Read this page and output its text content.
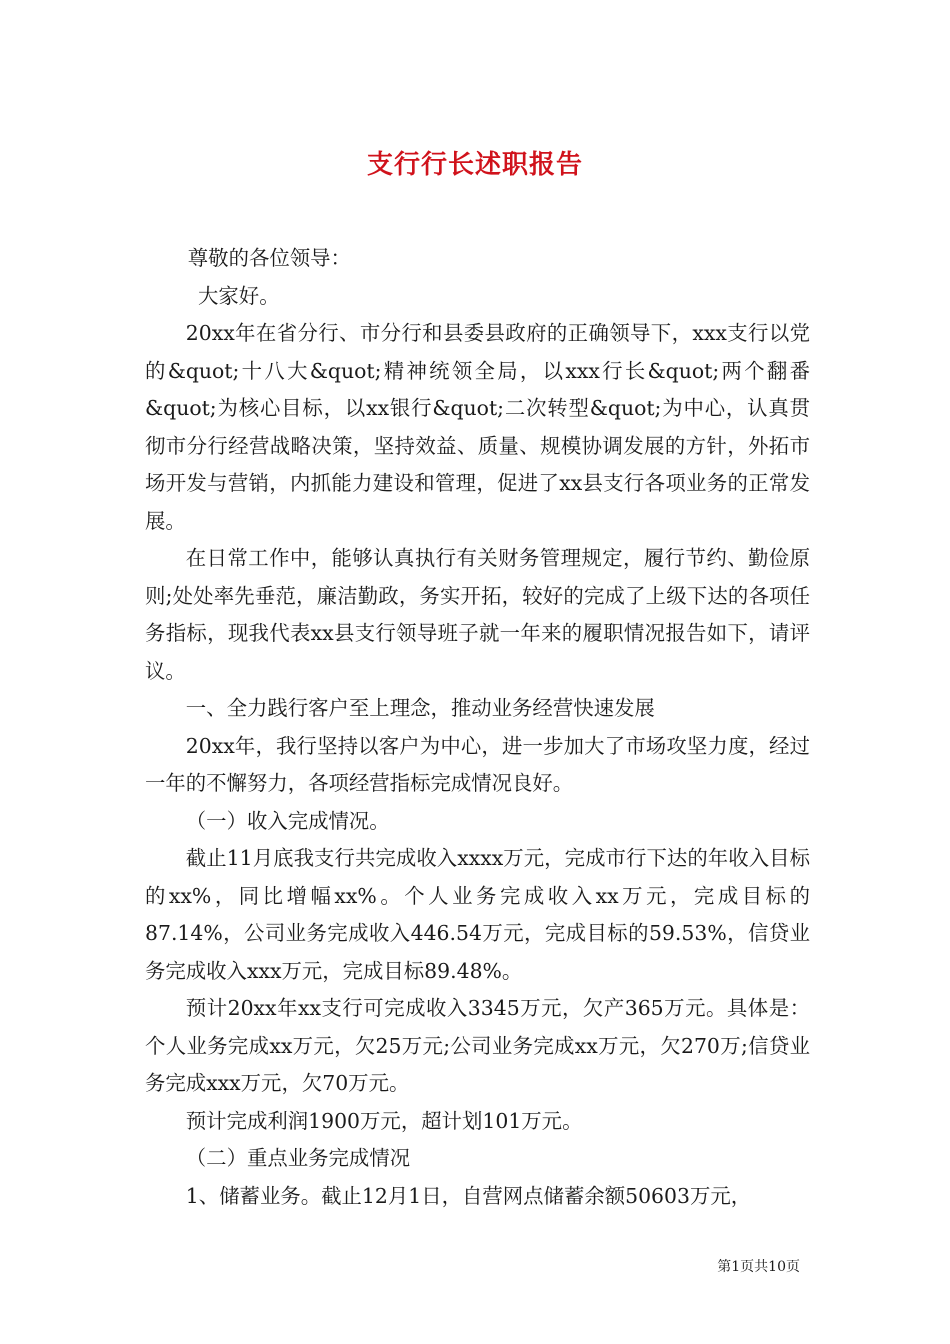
支行行长述职报告

尊敬的各位领导：

大家好。

20xx年在省分行、市分行和县委县政府的正确领导下，xxx支行以党的&quot;十八大&quot;精神统领全局，以xxx行长&quot;两个翻番&quot;为核心目标，以xx银行&quot;二次转型&quot;为中心，认真贯彻市分行经营战略决策，坚持效益、质量、规模协调发展的方针，外拓市场开发与营销，内抓能力建设和管理，促进了xx县支行各项业务的正常发展。

在日常工作中，能够认真执行有关财务管理规定，履行节约、勤俭原则;处处率先垂范，廉洁勤政，务实开拓，较好的完成了上级下达的各项任务指标，现我代表xx县支行领导班子就一年来的履职情况报告如下，请评议。

一、全力践行客户至上理念，推动业务经营快速发展

20xx年，我行坚持以客户为中心，进一步加大了市场攻坚力度，经过一年的不懈努力，各项经营指标完成情况良好。

（一）收入完成情况。

截止11月底我支行共完成收入xxxx万元，完成市行下达的年收入目标的xx%，同比增幅xx%。个人业务完成收入xx万元，完成目标的87.14%，公司业务完成收入446.54万元，完成目标的59.53%，信贷业务完成收入xxx万元，完成目标89.48%。

预计20xx年xx支行可完成收入3345万元，欠产365万元。具体是：个人业务完成xx万元，欠25万元;公司业务完成xx万元，欠270万;信贷业务完成xxx万元，欠70万元。

预计完成利润1900万元，超计划101万元。

（二）重点业务完成情况

1、储蓄业务。截止12月1日，自营网点储蓄余额50603万元，

第1页共10页
